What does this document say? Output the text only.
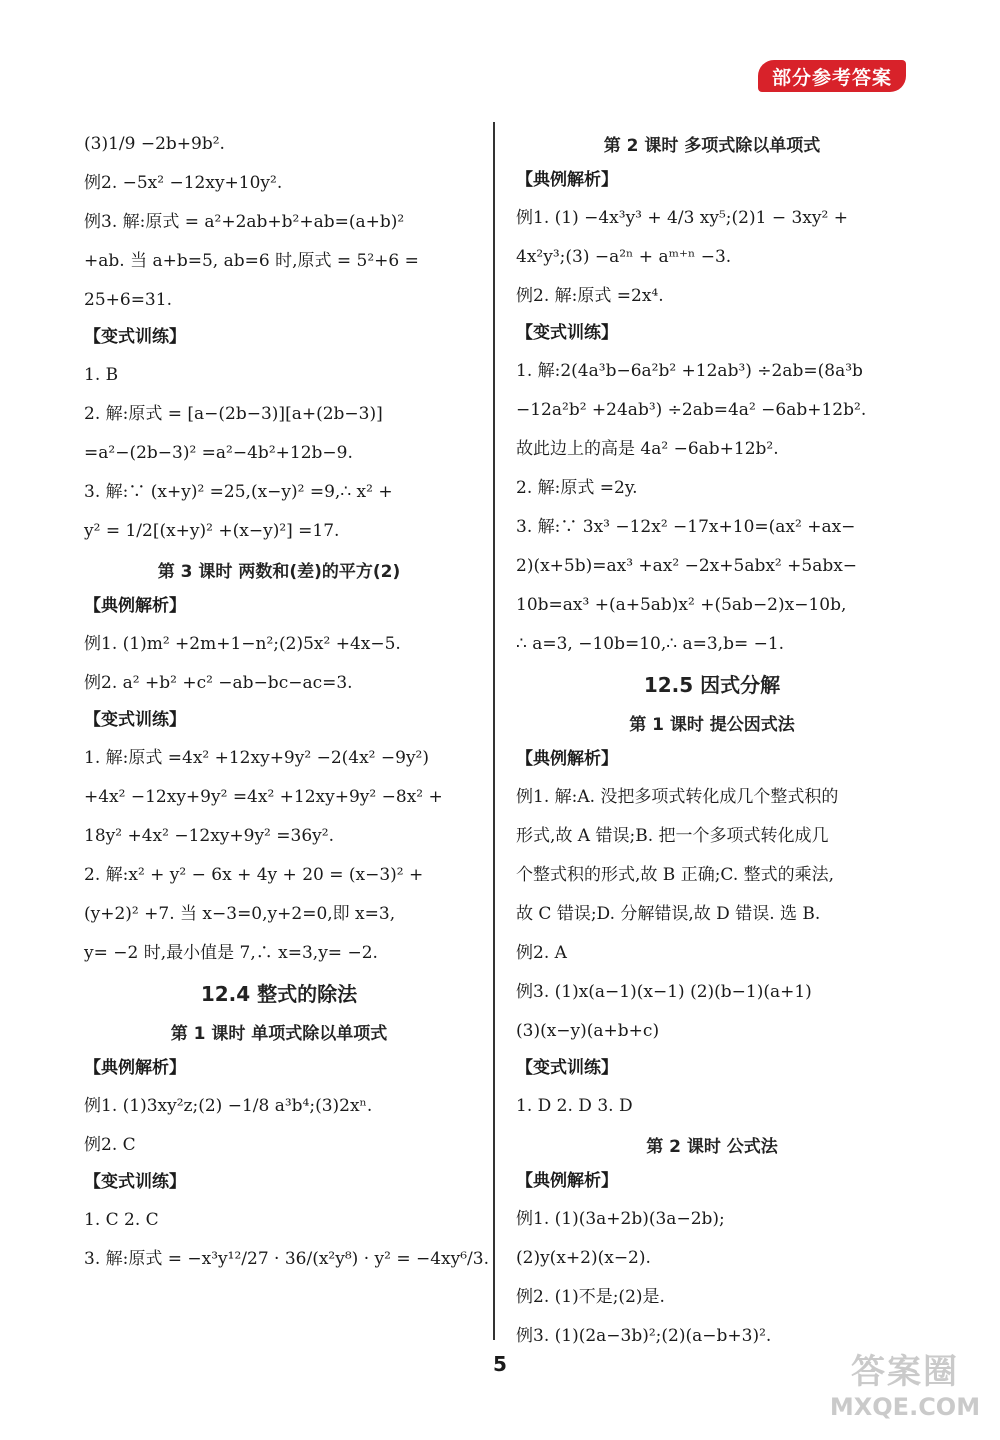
部分参考答案
(3)1/9 −2b+9b².
例2. −5x² −12xy+10y².
例3. 解:原式 = a²+2ab+b²+ab=(a+b)²
+ab. 当 a+b=5, ab=6 时,原式 = 5²+6 =
25+6=31.
【变式训练】
1. B
2. 解:原式 = [a−(2b−3)][a+(2b−3)]
=a²−(2b−3)² =a²−4b²+12b−9.
3. 解:∵ (x+y)² =25,(x−y)² =9,∴ x² +
y² = 1/2[(x+y)² +(x−y)²] =17.
第 3 课时 两数和(差)的平方(2)
【典例解析】
例1. (1)m² +2m+1−n²;(2)5x² +4x−5.
例2. a² +b² +c² −ab−bc−ac=3.
【变式训练】
1. 解:原式 =4x² +12xy+9y² −2(4x² −9y²)
+4x² −12xy+9y² =4x² +12xy+9y² −8x² +
18y² +4x² −12xy+9y² =36y².
2. 解:x² + y² − 6x + 4y + 20 = (x−3)² +
(y+2)² +7. 当 x−3=0,y+2=0,即 x=3,
y= −2 时,最小值是 7,∴ x=3,y= −2.
12.4 整式的除法
第 1 课时 单项式除以单项式
【典例解析】
例1. (1)3xy²z;(2) −1/8 a³b⁴;(3)2xⁿ.
例2. C
【变式训练】
1. C 2. C
3. 解:原式 = −x³y¹²/27 · 36/(x²y⁸) · y² = −4xy⁶/3.
第 2 课时 多项式除以单项式
【典例解析】
例1. (1) −4x³y³ + 4/3 xy⁵;(2)1 − 3xy² +
4x²y³;(3) −a²ⁿ + aᵐ⁺ⁿ −3.
例2. 解:原式 =2x⁴.
【变式训练】
1. 解:2(4a³b−6a²b² +12ab³) ÷2ab=(8a³b
−12a²b² +24ab³) ÷2ab=4a² −6ab+12b².
故此边上的高是 4a² −6ab+12b².
2. 解:原式 =2y.
3. 解:∵ 3x³ −12x² −17x+10=(ax² +ax−
2)(x+5b)=ax³ +ax² −2x+5abx² +5abx−
10b=ax³ +(a+5ab)x² +(5ab−2)x−10b,
∴ a=3, −10b=10,∴ a=3,b= −1.
12.5 因式分解
第 1 课时 提公因式法
【典例解析】
例1. 解:A. 没把多项式转化成几个整式积的
形式,故 A 错误;B. 把一个多项式转化成几
个整式积的形式,故 B 正确;C. 整式的乘法,
故 C 错误;D. 分解错误,故 D 错误. 选 B.
例2. A
例3. (1)x(a−1)(x−1) (2)(b−1)(a+1)
(3)(x−y)(a+b+c)
【变式训练】
1. D 2. D 3. D
第 2 课时 公式法
【典例解析】
例1. (1)(3a+2b)(3a−2b);
(2)y(x+2)(x−2).
例2. (1)不是;(2)是.
例3. (1)(2a−3b)²;(2)(a−b+3)².
5	答案圈
MXQE.COM
